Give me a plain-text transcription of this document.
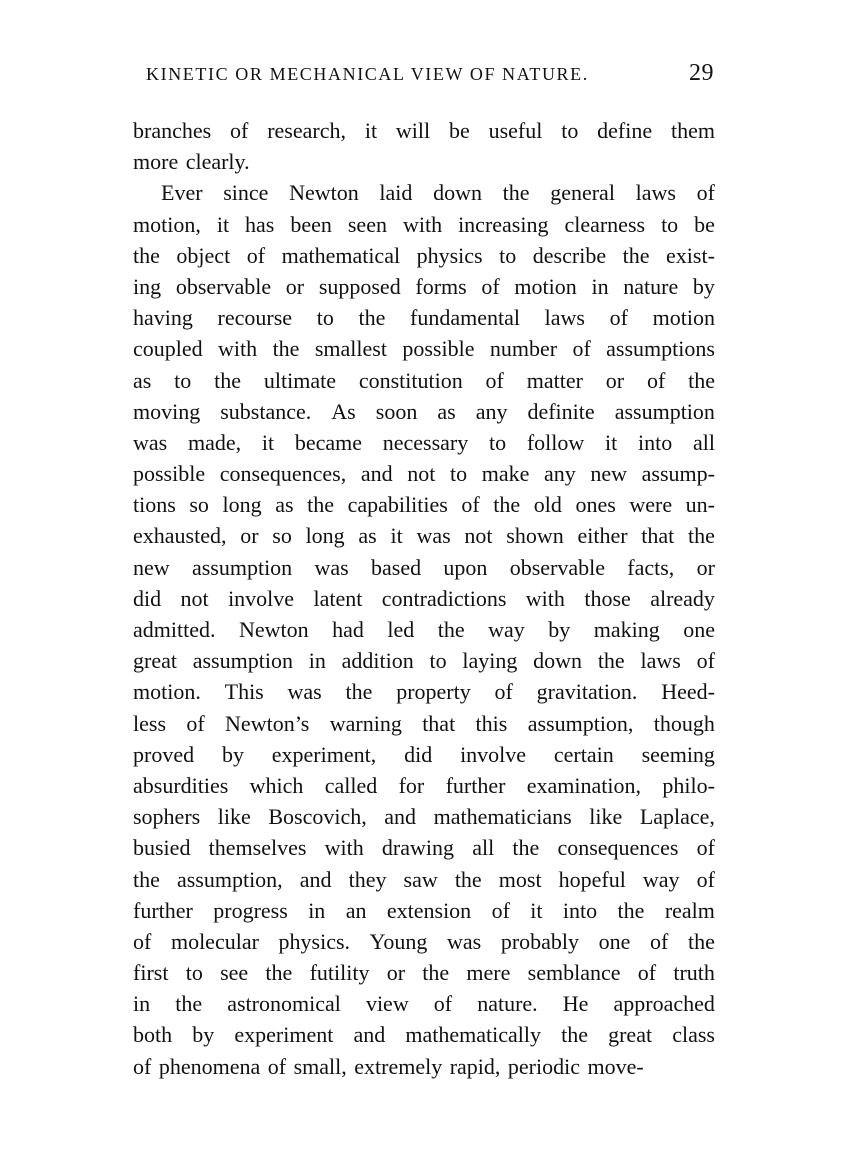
KINETIC OR MECHANICAL VIEW OF NATURE.	29
branches of research, it will be useful to define them
more clearly.
Ever since Newton laid down the general laws of
motion, it has been seen with increasing clearness to be
the object of mathematical physics to describe the exist-
ing observable or supposed forms of motion in nature by
having recourse to the fundamental laws of motion
coupled with the smallest possible number of assumptions
as to the ultimate constitution of matter or of the
moving substance. As soon as any definite assumption
was made, it became necessary to follow it into all
possible consequences, and not to make any new assump-
tions so long as the capabilities of the old ones were un-
exhausted, or so long as it was not shown either that the
new assumption was based upon observable facts, or
did not involve latent contradictions with those already
admitted. Newton had led the way by making one
great assumption in addition to laying down the laws of
motion. This was the property of gravitation. Heed-
less of Newton’s warning that this assumption, though
proved by experiment, did involve certain seeming
absurdities which called for further examination, philo-
sophers like Boscovich, and mathematicians like Laplace,
busied themselves with drawing all the consequences of
the assumption, and they saw the most hopeful way of
further progress in an extension of it into the realm
of molecular physics. Young was probably one of the
first to see the futility or the mere semblance of truth
in the astronomical view of nature. He approached
both by experiment and mathematically the great class
of phenomena of small, extremely rapid, periodic move-
